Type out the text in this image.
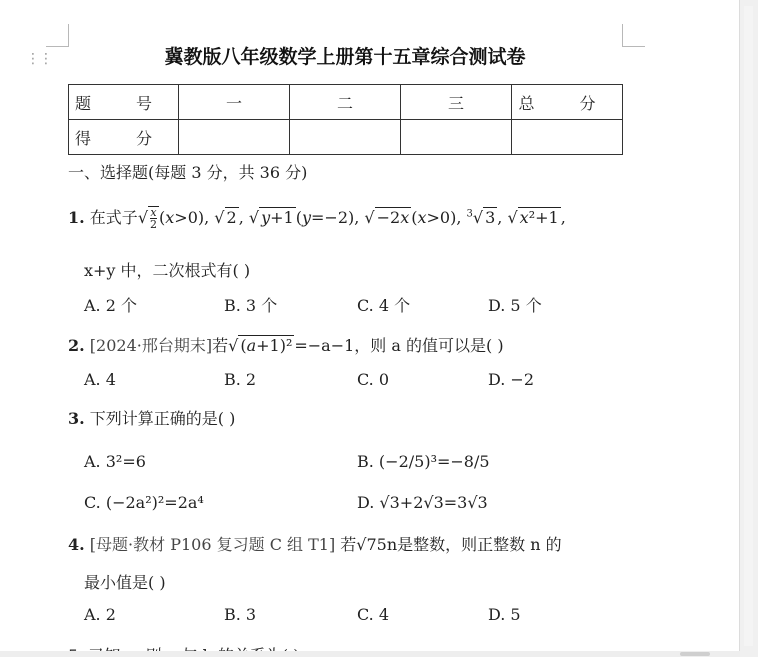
⋮⋮	冀教版八年级数学上册第十五章综合测试卷
题 号	一	二	三	总 分
得 分				
一、选择题(每题 3 分，共 36 分)
1. 在式子√ $\frac{x}{2} (x>0)$, √ 2 , √ y+1 (y=−2), √ −2x (x>0), $^3$√ 3 , √ x²+1 ,
x+y 中，二次根式有( )
A. 2 个	B. 3 个	C. 4 个	D. 5 个
2. [2024·邢台期末]若√ (a+1)² =−a−1，则 a 的值可以是( )
A. 4	B. 2	C. 0	D. −2
3. 下列计算正确的是( )
A. 3²=6	B. (−2/5)³=−8/5
C. (−2a²)²=2a⁴	D. √3+2√3=3√3
4. [母题·教材 P106 复习题 C 组 T1] 若√75n是整数，则正整数 n 的
最小值是( )
A. 2	B. 3	C. 4	D. 5
